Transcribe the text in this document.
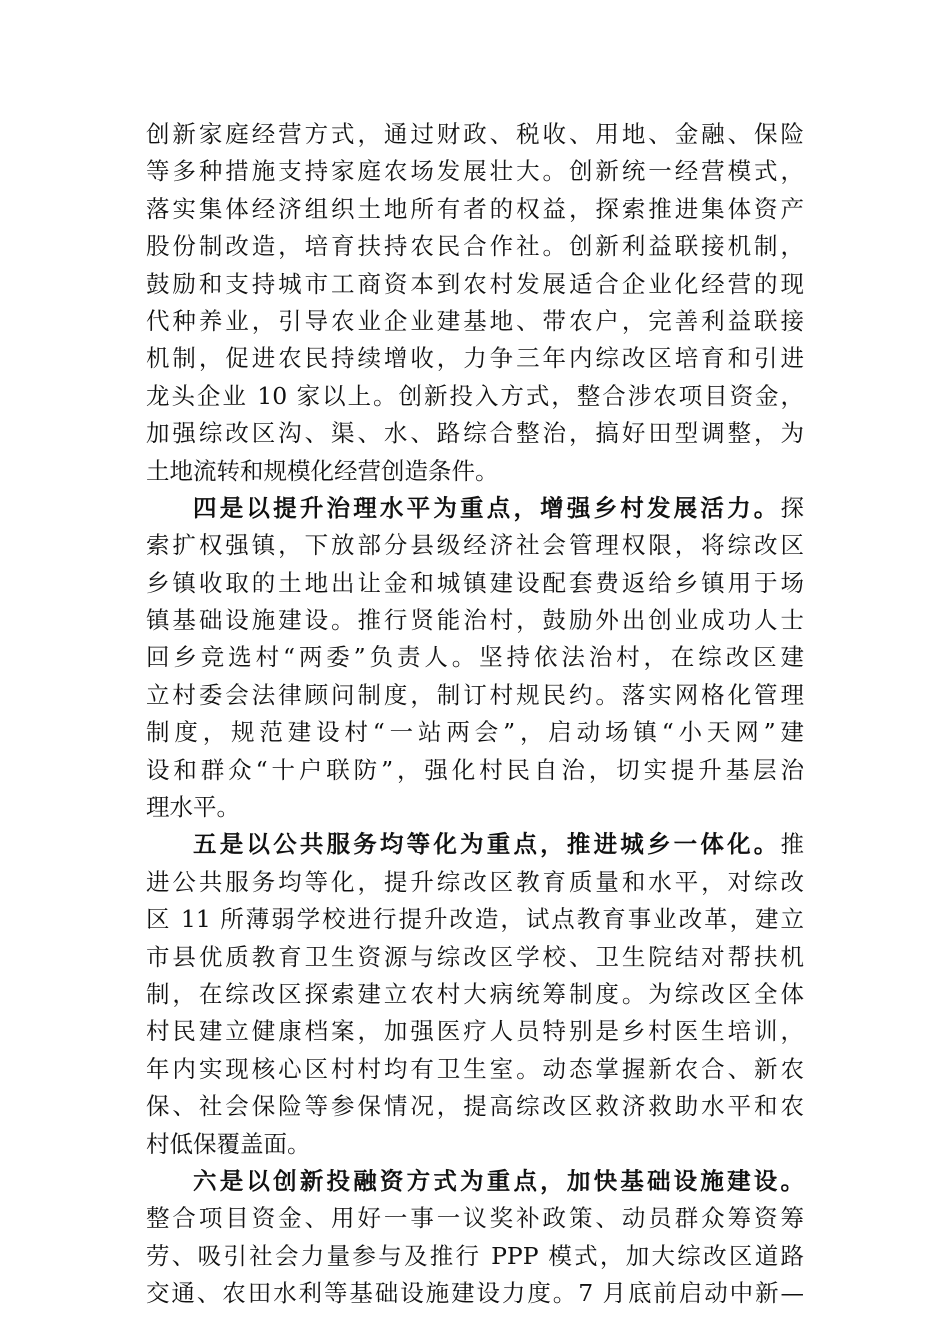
创新家庭经营方式，通过财政、税收、用地、金融、保险
等多种措施支持家庭农场发展壮大。创新统一经营模式，
落实集体经济组织土地所有者的权益，探索推进集体资产
股份制改造，培育扶持农民合作社。创新利益联接机制，
鼓励和支持城市工商资本到农村发展适合企业化经营的现
代种养业，引导农业企业建基地、带农户，完善利益联接
机制，促进农民持续增收，力争三年内综改区培育和引进
龙头企业 10 家以上。创新投入方式，整合涉农项目资金，
加强综改区沟、渠、水、路综合整治，搞好田型调整，为
土地流转和规模化经营创造条件。
四是以提升治理水平为重点，增强乡村发展活力。探
索扩权强镇，下放部分县级经济社会管理权限，将综改区
乡镇收取的土地出让金和城镇建设配套费返给乡镇用于场
镇基础设施建设。推行贤能治村，鼓励外出创业成功人士
回乡竞选村“两委”负责人。坚持依法治村，在综改区建
立村委会法律顾问制度，制订村规民约。落实网格化管理
制度，规范建设村“一站两会”，启动场镇“小天网”建
设和群众“十户联防”，强化村民自治，切实提升基层治
理水平。
五是以公共服务均等化为重点，推进城乡一体化。推
进公共服务均等化，提升综改区教育质量和水平，对综改
区 11 所薄弱学校进行提升改造，试点教育事业改革，建立
市县优质教育卫生资源与综改区学校、卫生院结对帮扶机
制，在综改区探索建立农村大病统筹制度。为综改区全体
村民建立健康档案，加强医疗人员特别是乡村医生培训，
年内实现核心区村村均有卫生室。动态掌握新农合、新农
保、社会保险等参保情况，提高综改区救济救助水平和农
村低保覆盖面。
六是以创新投融资方式为重点，加快基础设施建设。
整合项目资金、用好一事一议奖补政策、动员群众筹资筹
劳、吸引社会力量参与及推行 PPP 模式，加大综改区道路
交通、农田水利等基础设施建设力度。7 月底前启动中新—
